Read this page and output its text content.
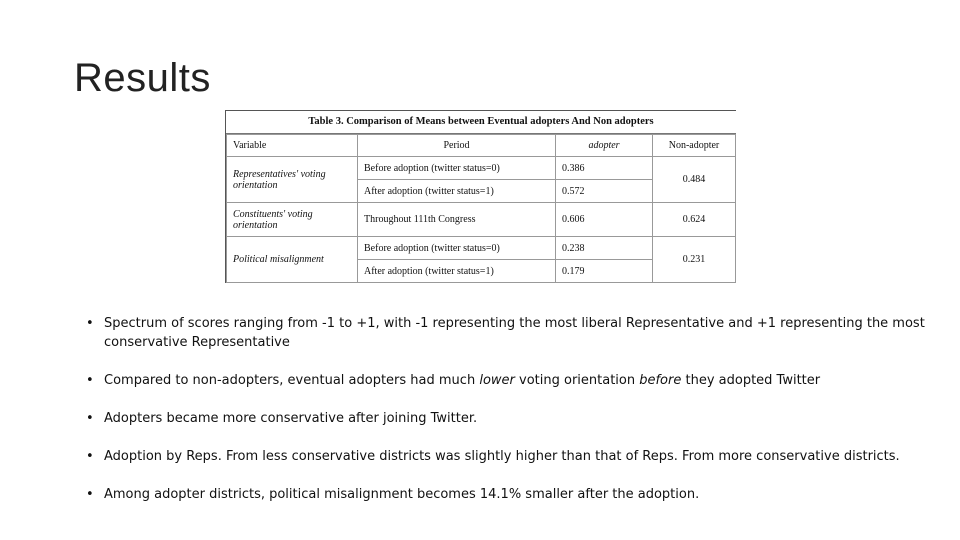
Results
Table 3. Comparison of Means between Eventual adopters And Non adopters
Variable	Period	adopter	Non-adopter
Representatives' voting orientation	Before adoption (twitter status=0)	0.386	0.484
	After adoption (twitter status=1)	0.572	
Constituents' voting orientation	Throughout 111th Congress	0.606	0.624
Political misalignment	Before adoption (twitter status=0)	0.238	0.231
	After adoption (twitter status=1)	0.179	
• Spectrum of scores ranging from -1 to +1, with -1 representing the most liberal Representative and +1 representing the most conservative Representative
• Compared to non-adopters, eventual adopters had much lower voting orientation before they adopted Twitter
• Adopters became more conservative after joining Twitter.
• Adoption by Reps. From less conservative districts was slightly higher than that of Reps. From more conservative districts.
• Among adopter districts, political misalignment becomes 14.1% smaller after the adoption.
